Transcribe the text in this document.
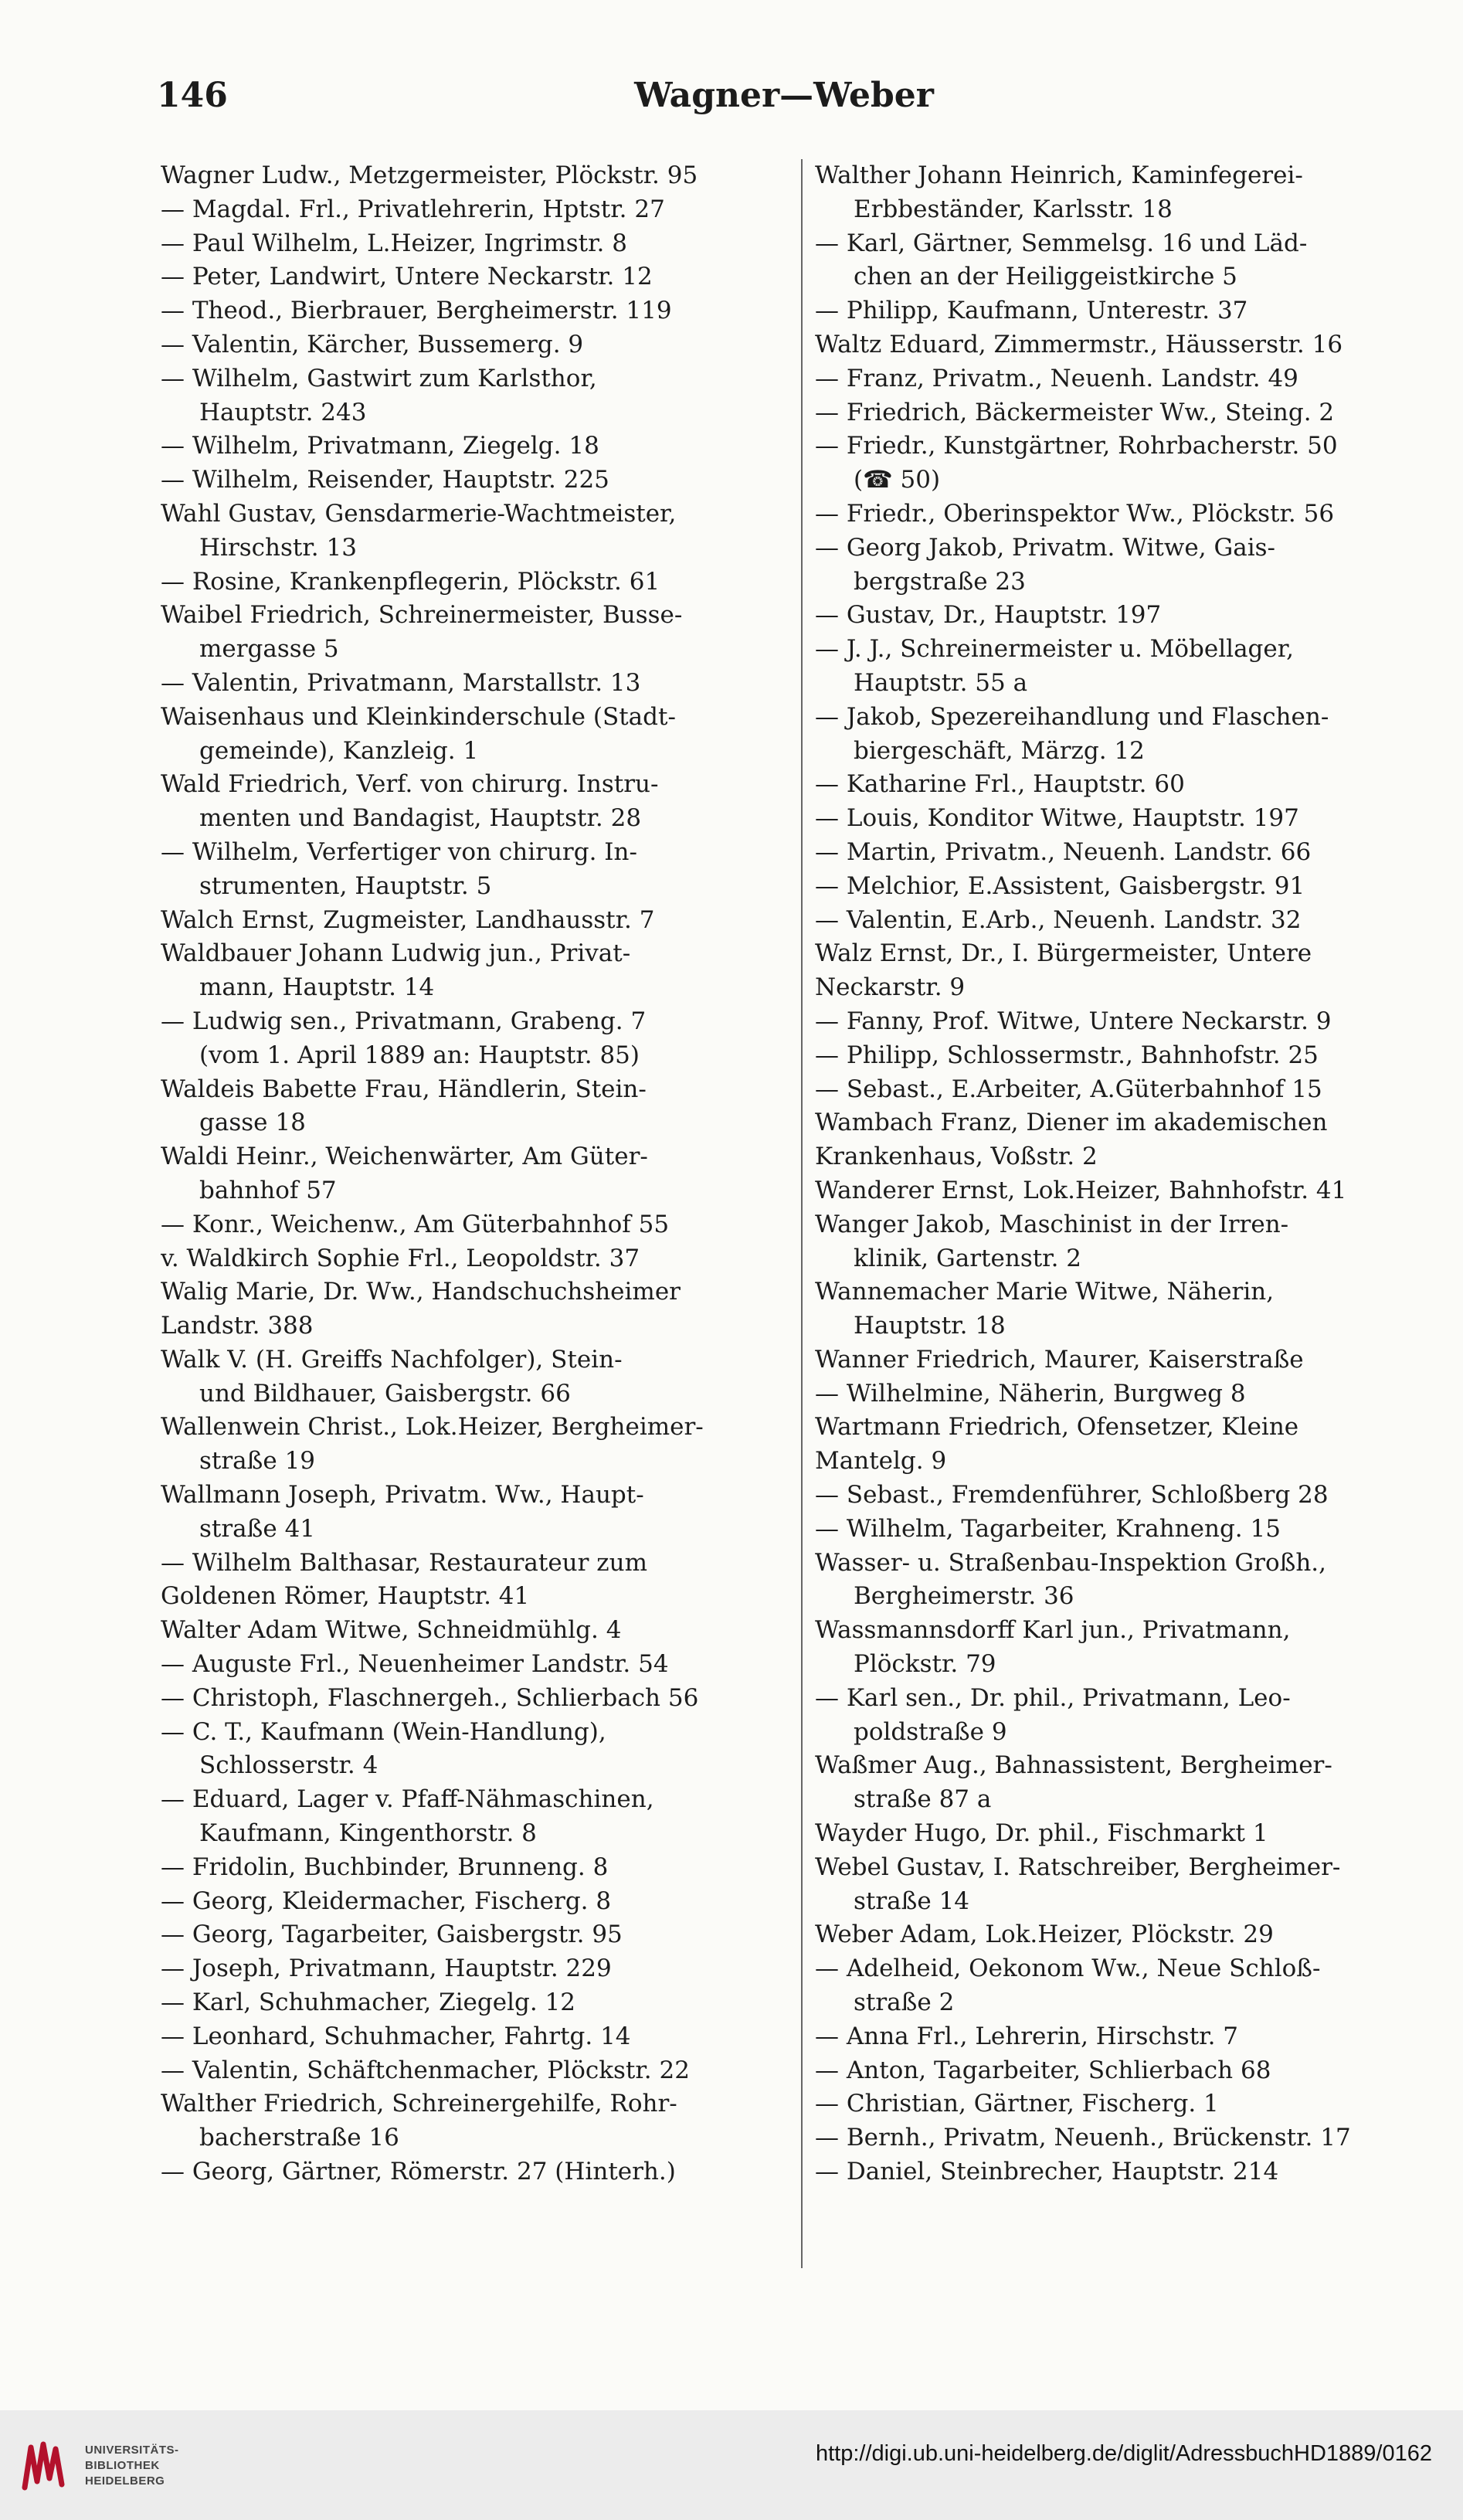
146	Wagner—Weber
Wagner Ludw., Metzgermeister, Plöckstr. 95
— Magdal. Frl., Privatlehrerin, Hptstr. 27
— Paul Wilhelm, L.Heizer, Ingrimstr. 8
— Peter, Landwirt, Untere Neckarstr. 12
— Theod., Bierbrauer, Bergheimerstr. 119
— Valentin, Kärcher, Bussemerg. 9
— Wilhelm, Gastwirt zum Karlsthor,
Hauptstr. 243
— Wilhelm, Privatmann, Ziegelg. 18
— Wilhelm, Reisender, Hauptstr. 225
Wahl Gustav, Gensdarmerie-Wachtmeister,
Hirschstr. 13
— Rosine, Krankenpflegerin, Plöckstr. 61
Waibel Friedrich, Schreinermeister, Busse-
mergasse 5
— Valentin, Privatmann, Marstallstr. 13
Waisenhaus und Kleinkinderschule (Stadt-
gemeinde), Kanzleig. 1
Wald Friedrich, Verf. von chirurg. Instru-
menten und Bandagist, Hauptstr. 28
— Wilhelm, Verfertiger von chirurg. In-
strumenten, Hauptstr. 5
Walch Ernst, Zugmeister, Landhausstr. 7
Waldbauer Johann Ludwig jun., Privat-
mann, Hauptstr. 14
— Ludwig sen., Privatmann, Grabeng. 7
(vom 1. April 1889 an: Hauptstr. 85)
Waldeis Babette Frau, Händlerin, Stein-
gasse 18
Waldi Heinr., Weichenwärter, Am Güter-
bahnhof 57
— Konr., Weichenw., Am Güterbahnhof 55
v. Waldkirch Sophie Frl., Leopoldstr. 37
Walig Marie, Dr. Ww., Handschuchsheimer
Landstr. 388
Walk V. (H. Greiffs Nachfolger), Stein-
und Bildhauer, Gaisbergstr. 66
Wallenwein Christ., Lok.Heizer, Bergheimer-
straße 19
Wallmann Joseph, Privatm. Ww., Haupt-
straße 41
— Wilhelm Balthasar, Restaurateur zum
Goldenen Römer, Hauptstr. 41
Walter Adam Witwe, Schneidmühlg. 4
— Auguste Frl., Neuenheimer Landstr. 54
— Christoph, Flaschnergeh., Schlierbach 56
— C. T., Kaufmann (Wein-Handlung),
Schlosserstr. 4
— Eduard, Lager v. Pfaff-Nähmaschinen,
Kaufmann, Kingenthorstr. 8
— Fridolin, Buchbinder, Brunneng. 8
— Georg, Kleidermacher, Fischerg. 8
— Georg, Tagarbeiter, Gaisbergstr. 95
— Joseph, Privatmann, Hauptstr. 229
— Karl, Schuhmacher, Ziegelg. 12
— Leonhard, Schuhmacher, Fahrtg. 14
— Valentin, Schäftchenmacher, Plöckstr. 22
Walther Friedrich, Schreinergehilfe, Rohr-
bacherstraße 16
— Georg, Gärtner, Römerstr. 27 (Hinterh.)
Walther Johann Heinrich, Kaminfegerei-
Erbbeständer, Karlsstr. 18
— Karl, Gärtner, Semmelsg. 16 und Läd-
chen an der Heiliggeistkirche 5
— Philipp, Kaufmann, Unterestr. 37
Waltz Eduard, Zimmermstr., Häusserstr. 16
— Franz, Privatm., Neuenh. Landstr. 49
— Friedrich, Bäckermeister Ww., Steing. 2
— Friedr., Kunstgärtner, Rohrbacherstr. 50
(☎ 50)
— Friedr., Oberinspektor Ww., Plöckstr. 56
— Georg Jakob, Privatm. Witwe, Gais-
bergstraße 23
— Gustav, Dr., Hauptstr. 197
— J. J., Schreinermeister u. Möbellager,
Hauptstr. 55 a
— Jakob, Spezereihandlung und Flaschen-
biergeschäft, Märzg. 12
— Katharine Frl., Hauptstr. 60
— Louis, Konditor Witwe, Hauptstr. 197
— Martin, Privatm., Neuenh. Landstr. 66
— Melchior, E.Assistent, Gaisbergstr. 91
— Valentin, E.Arb., Neuenh. Landstr. 32
Walz Ernst, Dr., I. Bürgermeister, Untere
Neckarstr. 9
— Fanny, Prof. Witwe, Untere Neckarstr. 9
— Philipp, Schlossermstr., Bahnhofstr. 25
— Sebast., E.Arbeiter, A.Güterbahnhof 15
Wambach Franz, Diener im akademischen
Krankenhaus, Voßstr. 2
Wanderer Ernst, Lok.Heizer, Bahnhofstr. 41
Wanger Jakob, Maschinist in der Irren-
klinik, Gartenstr. 2
Wannemacher Marie Witwe, Näherin,
Hauptstr. 18
Wanner Friedrich, Maurer, Kaiserstraße
— Wilhelmine, Näherin, Burgweg 8
Wartmann Friedrich, Ofensetzer, Kleine
Mantelg. 9
— Sebast., Fremdenführer, Schloßberg 28
— Wilhelm, Tagarbeiter, Krahneng. 15
Wasser- u. Straßenbau-Inspektion Großh.,
Bergheimerstr. 36
Wassmannsdorff Karl jun., Privatmann,
Plöckstr. 79
— Karl sen., Dr. phil., Privatmann, Leo-
poldstraße 9
Waßmer Aug., Bahnassistent, Bergheimer-
straße 87 a
Wayder Hugo, Dr. phil., Fischmarkt 1
Webel Gustav, I. Ratschreiber, Bergheimer-
straße 14
Weber Adam, Lok.Heizer, Plöckstr. 29
— Adelheid, Oekonom Ww., Neue Schloß-
straße 2
— Anna Frl., Lehrerin, Hirschstr. 7
— Anton, Tagarbeiter, Schlierbach 68
— Christian, Gärtner, Fischerg. 1
— Bernh., Privatm, Neuenh., Brückenstr. 17
— Daniel, Steinbrecher, Hauptstr. 214
UNIVERSITÄTS-
BIBLIOTHEK
HEIDELBERG
http://digi.ub.uni-heidelberg.de/diglit/AdressbuchHD1889/0162
